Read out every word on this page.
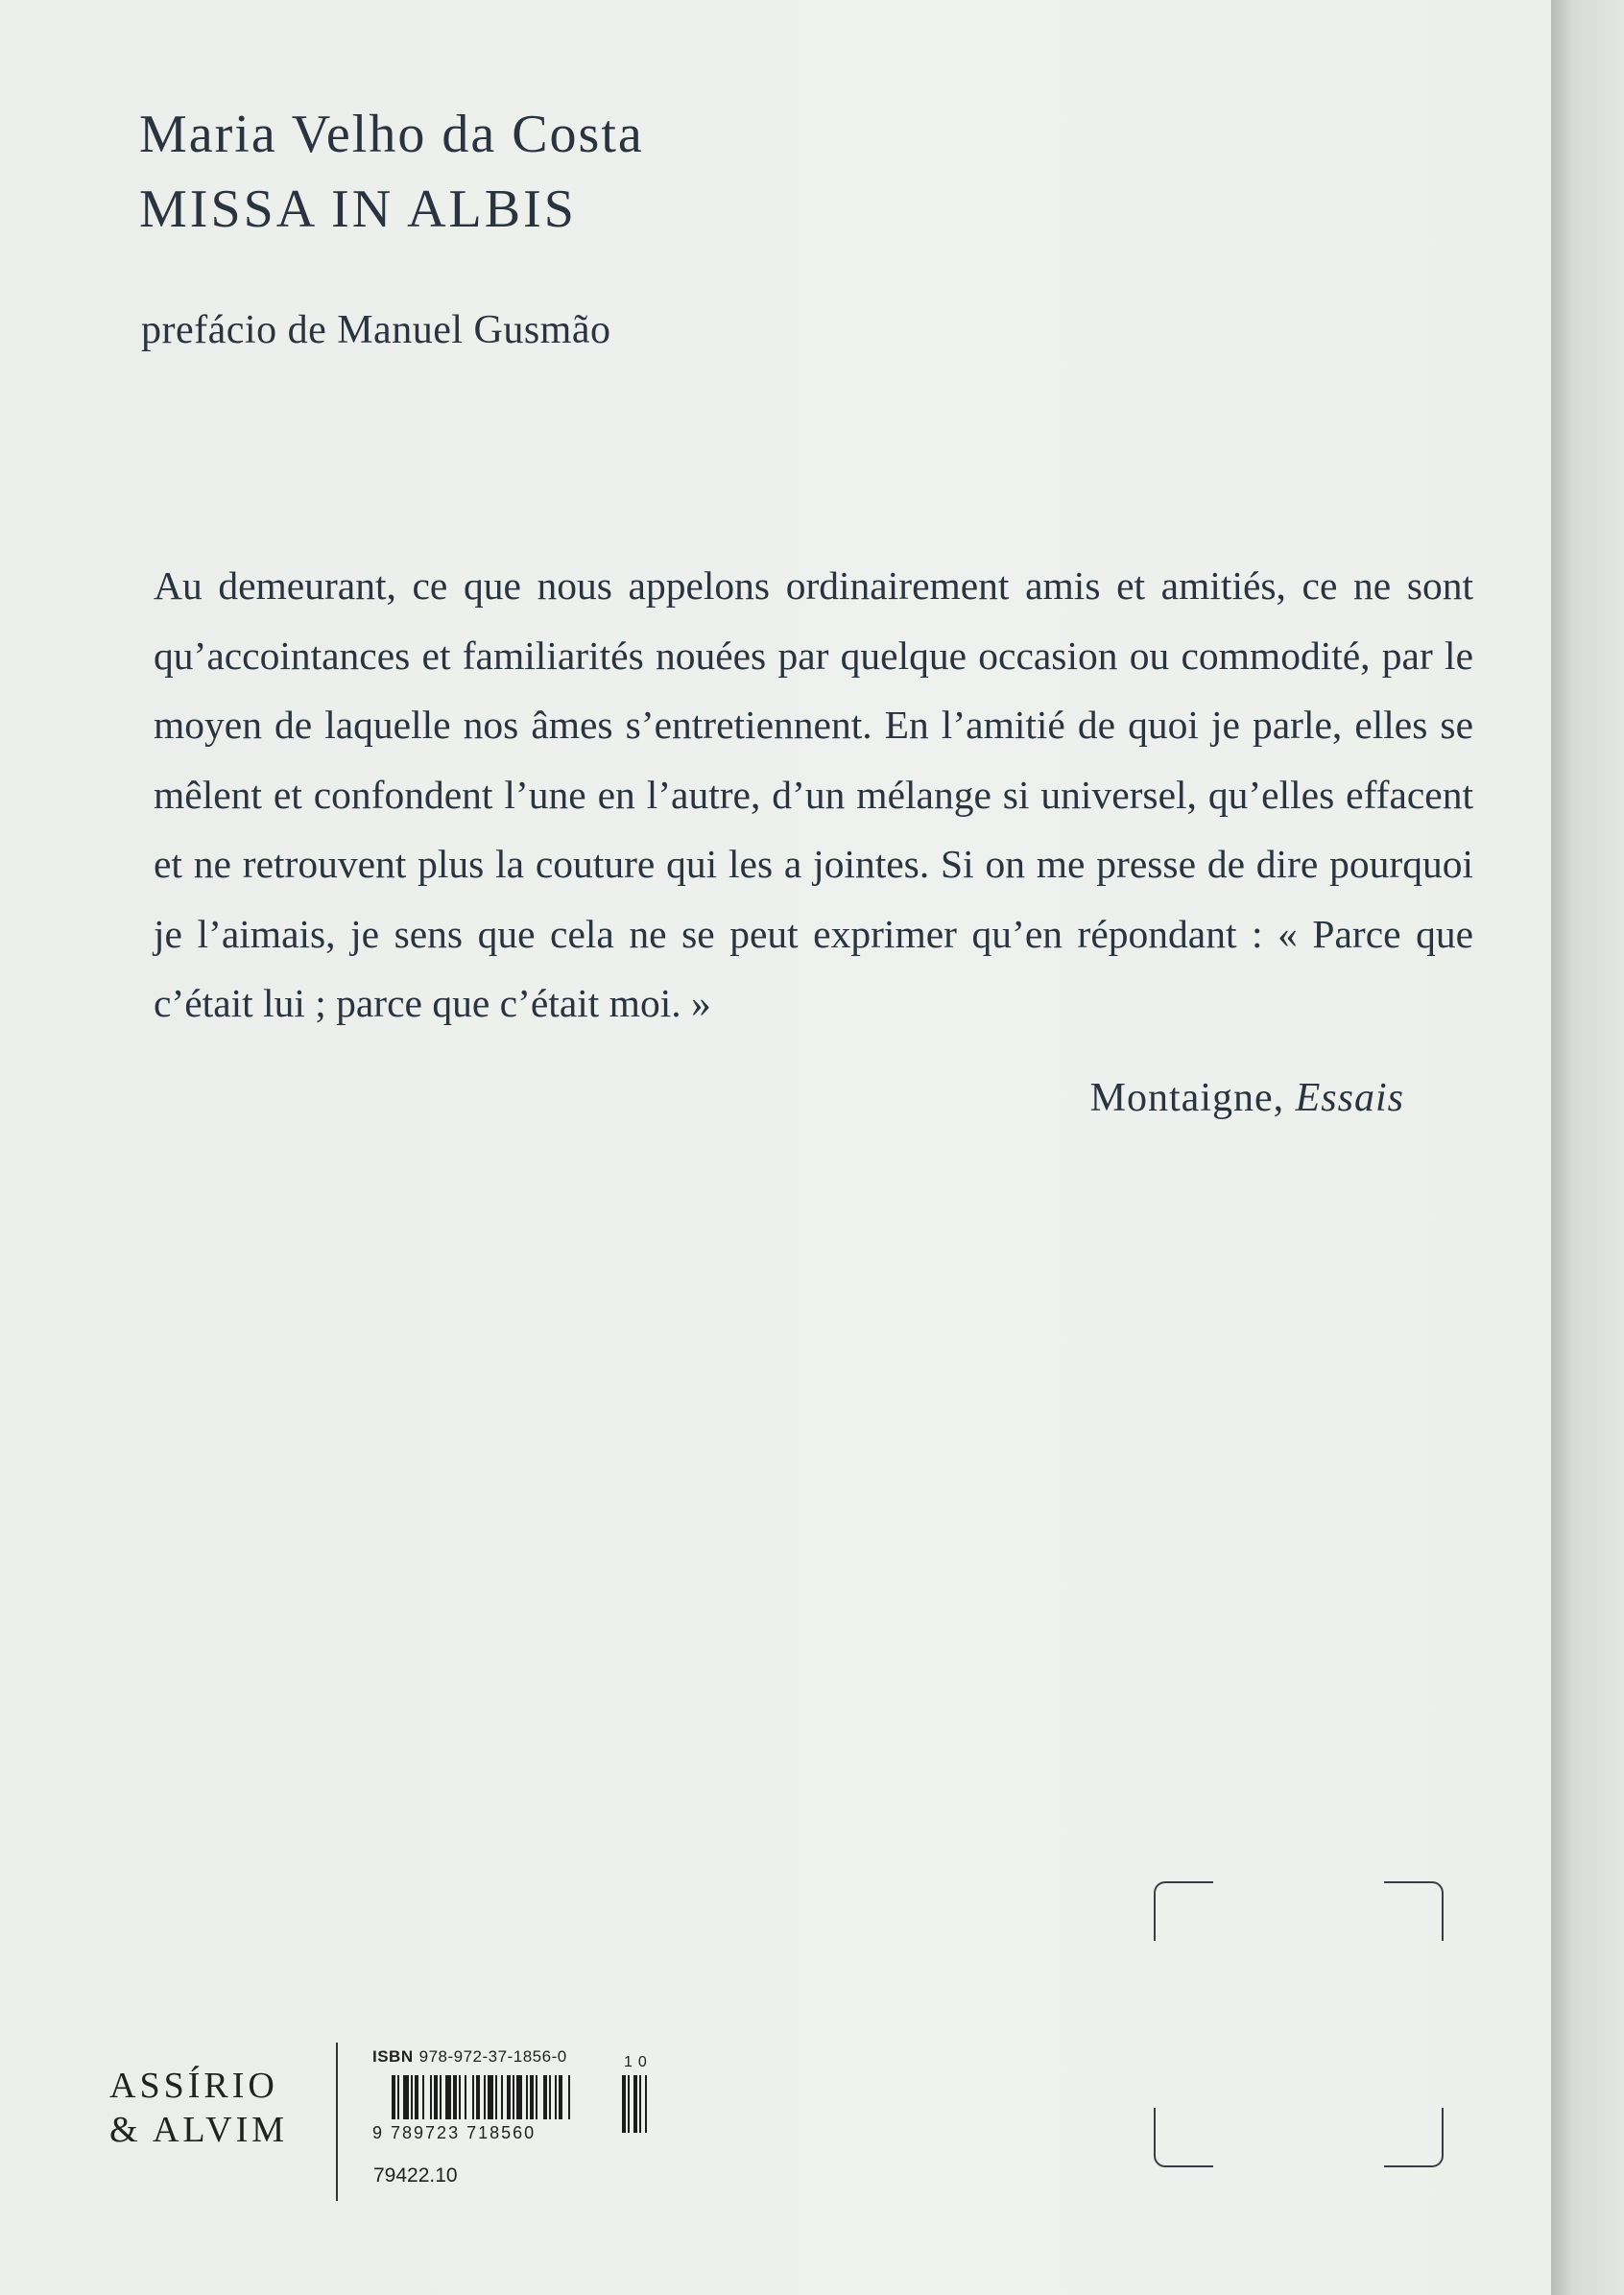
Maria Velho da Costa
MISSA IN ALBIS
prefácio de Manuel Gusmão

Au demeurant, ce que nous appelons ordinairement amis et amitiés, ce ne sont qu’accointances et familiarités nouées par quelque occasion ou commodité, par le moyen de laquelle nos âmes s’entretiennent. En l’amitié de quoi je parle, elles se mêlent et confondent l’une en l’autre, d’un mélange si universel, qu’elles effacent et ne retrouvent plus la couture qui les a jointes. Si on me presse de dire pourquoi je l’aimais, je sens que cela ne se peut exprimer qu’en répondant : « Parce que c’était lui ; parce que c’était moi. »

Montaigne, Essais
ASSÍRIO
& ALVIM
ISBN 978-972-37-1856-0	10
9 789723 718560
79422.10
